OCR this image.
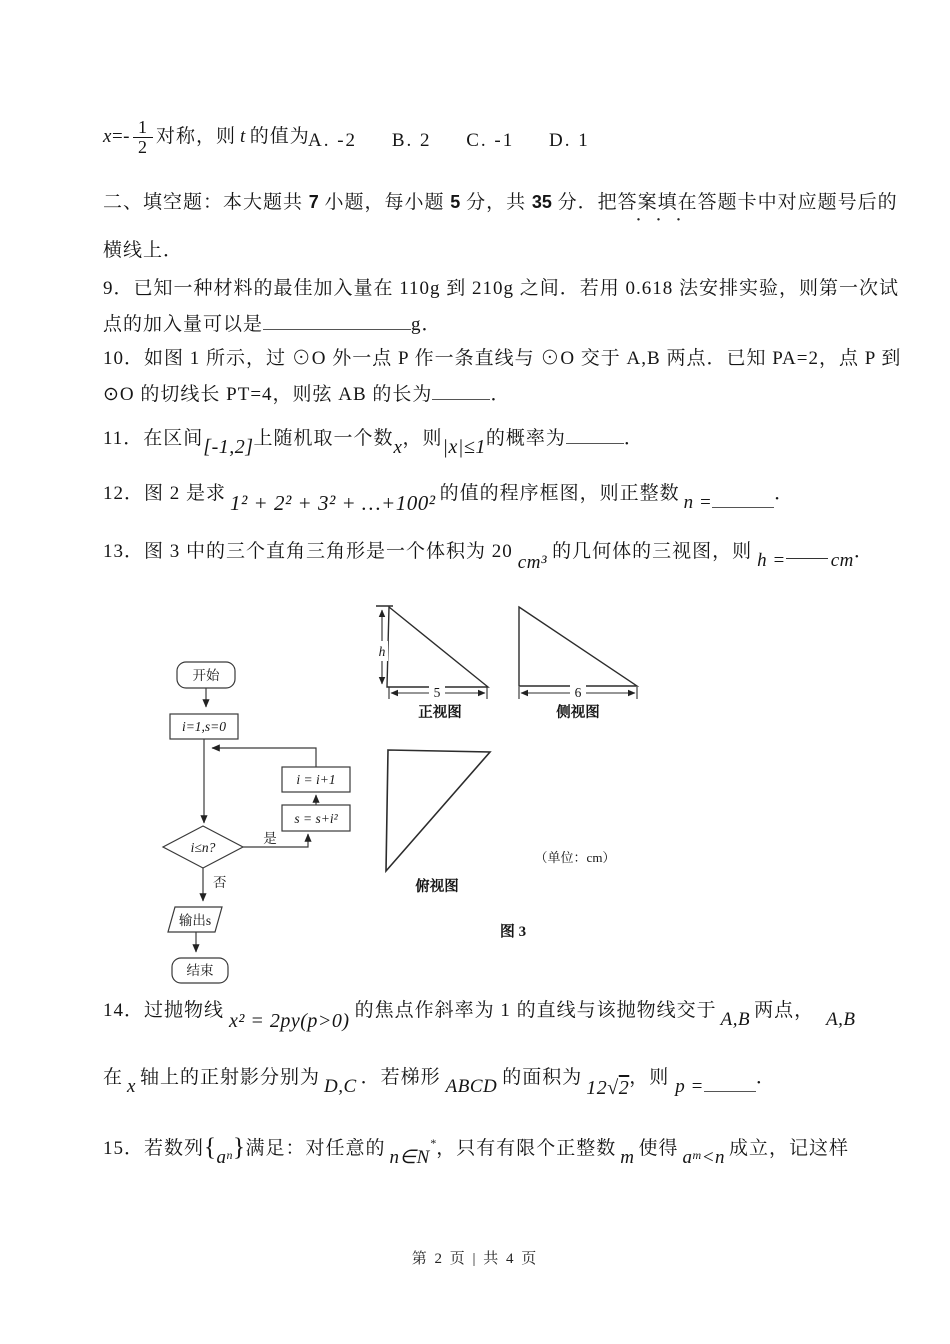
$x =- \frac{1}{2}$ 对称，则 t 的值为
A. -2 B. 2 C. -1 D. 1
二、填空题：本大题共 7 小题，每小题 5 分，共 35 分．把答案填在答题卡中对应题号后的
···
横线上．
9．已知一种材料的最佳加入量在 110g 到 210g 之间．若用 0.618 法安排实验，则第一次试
点的加入量可以是	g．
10．如图 1 所示，过 ⊙O 外一点 P 作一条直线与 ⊙O 交于 A,B 两点．已知 PA=2，点 P 到
⊙O 的切线长 PT=4，则弦 AB 的长为	．
11．在区间[-1,2]上随机取一个数x，则|x|≤1的概率为	．
12．图 2 是求 1² + 2² + 3² + …+100² 的值的程序框图，则正整数 n =	．
13．图 3 中的三个直角三角形是一个体积为 20cm³的几何体的三视图，则 h = cm．
开始
i=1,s=0
i = i+1
s = s+i²
i≤n?
是
否
输出s
结束
h
5	6
正视图	侧视图
俯视图
（单位：cm）
图 3
14．过抛物线 x² = 2py(p>0) 的焦点作斜率为 1 的直线与该抛物线交于 A,B 两点， A,B
在 x 轴上的正射影分别为 D,C ．若梯形 ABCD 的面积为 12√2，则 p =	．
15．若数列{an}满足：对任意的 n∈N*，只有有限个正整数 m 使得 am<n 成立，记这样
第 2 页 | 共 4 页
